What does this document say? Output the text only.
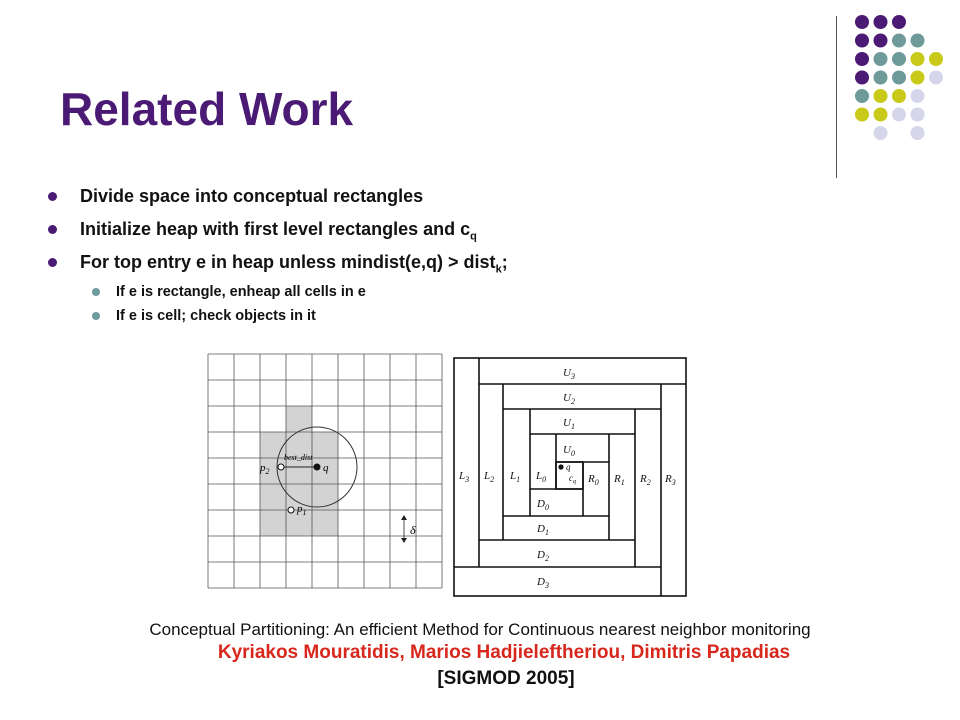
Related Work
Divide space into conceptual rectangles
Initialize heap with first level rectangles and $c_q$
For top entry e in heap unless mindist(e,q) > dist$_k$;
If e is rectangle, enheap all cells in e
If e is cell; check objects in it
best_dist
q
$p_2$
$p_1$
δ
$U_3$
$U_2$
$U_1$
$U_0$
$D_0$
$D_1$
$D_2$
$D_3$
$L_3$ $L_2$ $L_1$ $L_0$	$R_0$ $R_1$ $R_2$ $R_3$
q
$c_q$
Conceptual Partitioning: An efficient Method for Continuous nearest neighbor monitoring
Kyriakos Mouratidis, Marios Hadjieleftheriou, Dimitris Papadias
[SIGMOD 2005]
